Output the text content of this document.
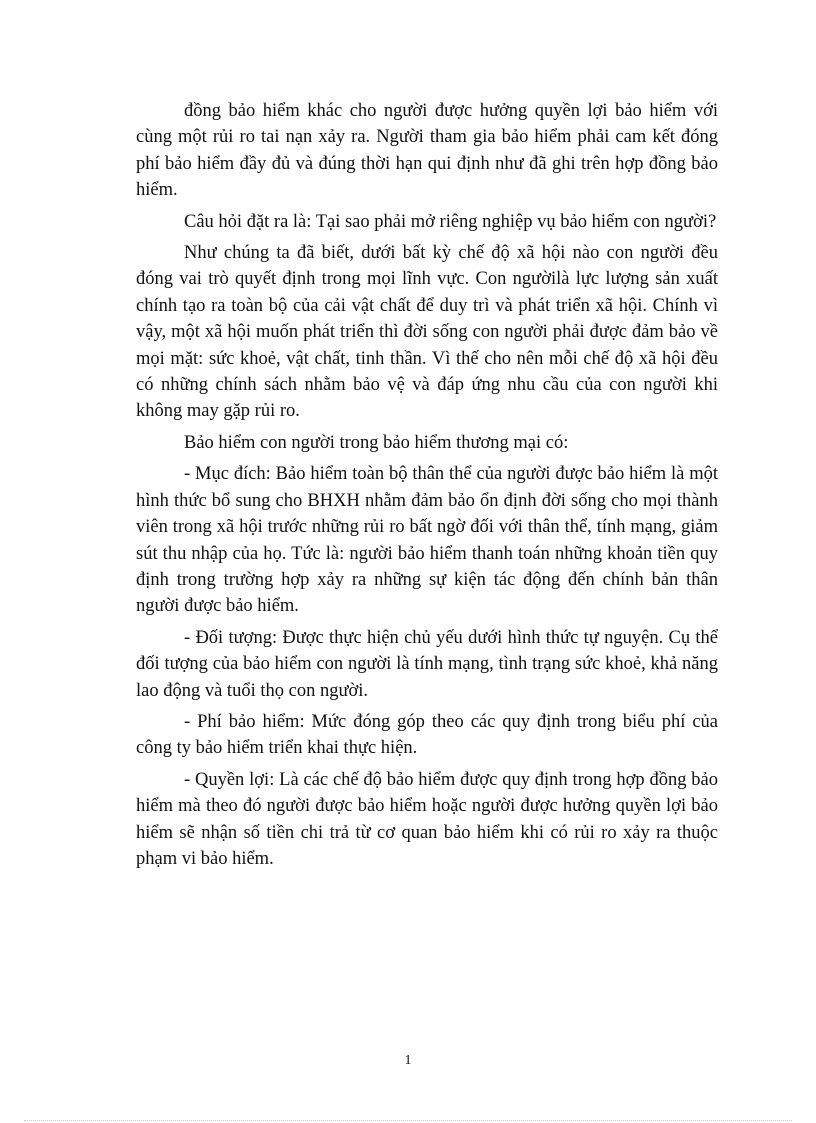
đồng bảo hiểm khác cho người được hưởng quyền lợi bảo hiểm với cùng một rủi ro tai nạn xảy ra. Người tham gia bảo hiểm phải cam kết đóng phí bảo hiểm đầy đủ và đúng thời hạn qui định như đã ghi trên hợp đồng bảo hiểm.

Câu hỏi đặt ra là: Tại sao phải mở riêng nghiệp vụ bảo hiểm con người?

Như chúng ta đã biết, dưới bất kỳ chế độ xã hội nào con người đều đóng vai trò quyết định trong mọi lĩnh vực. Con ngườilà lực lượng sản xuất chính tạo ra toàn bộ của cải vật chất để duy trì và phát triển xã hội. Chính vì vậy, một xã hội muốn phát triển thì đời sống con người phải được đảm bảo về mọi mặt: sức khoẻ, vật chất, tinh thần. Vì thế cho nên mỗi chế độ xã hội đều có những chính sách nhằm bảo vệ và đáp ứng nhu cầu của con người khi không may gặp rủi ro.

Bảo hiểm con người trong bảo hiểm thương mại có:

- Mục đích: Bảo hiểm toàn bộ thân thể của người được bảo hiểm là một hình thức bổ sung cho BHXH nhằm đảm bảo ổn định đời sống cho mọi thành viên trong xã hội trước những rủi ro bất ngờ đối với thân thể, tính mạng, giảm sút thu nhập của họ. Tức là: người bảo hiểm thanh toán những khoản tiền quy định trong trường hợp xảy ra những sự kiện tác động đến chính bản thân người được bảo hiểm.

- Đối tượng: Được thực hiện chủ yếu dưới hình thức tự nguyện. Cụ thể đối tượng của bảo hiểm con người là tính mạng, tình trạng sức khoẻ, khả năng lao động và tuổi thọ con người.

- Phí bảo hiểm: Mức đóng góp theo các quy định trong biểu phí của công ty bảo hiểm triển khai thực hiện.

- Quyền lợi: Là các chế độ bảo hiểm được quy định trong hợp đồng bảo hiểm mà theo đó người được bảo hiểm hoặc người được hưởng quyền lợi bảo hiểm sẽ nhận số tiền chi trả từ cơ quan bảo hiểm khi có rủi ro xảy ra thuộc phạm vi bảo hiểm.

1
